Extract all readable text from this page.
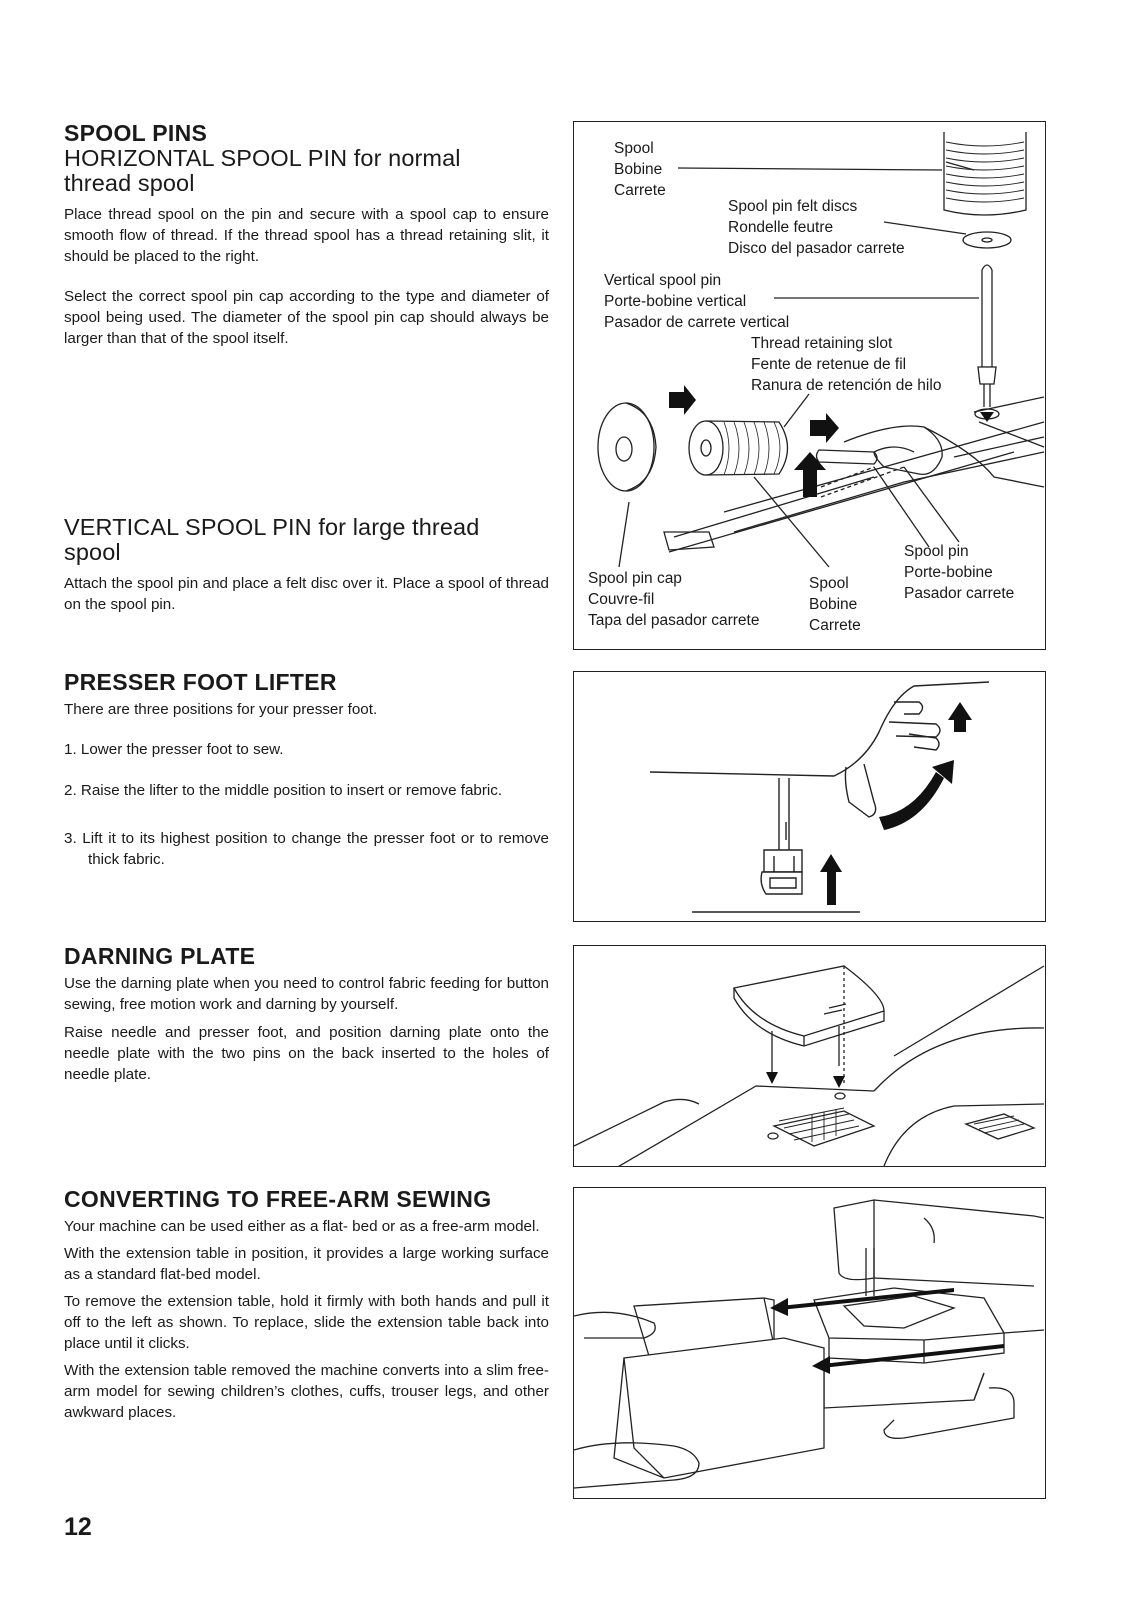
SPOOL PINS
HORIZONTAL SPOOL PIN for normal thread spool

Place thread spool on the pin and secure with a spool cap to ensure smooth flow of thread. If the thread spool has a thread retaining slit, it should be placed to the right.

Select the correct spool pin cap according to the type and diameter of spool being used. The diameter of the spool pin cap should always be larger than that of the spool itself.

VERTICAL SPOOL PIN for large thread spool

Attach the spool pin and place a felt disc over it. Place a spool of thread on the spool pin.

PRESSER FOOT LIFTER

There are three positions for your presser foot.

1. Lower the presser foot to sew.
2. Raise the lifter to the middle position to insert or remove fabric.
3. Lift it to its highest position to change the presser foot or to remove thick fabric.
DARNING PLATE

Use the darning plate when you need to control fabric feeding for button sewing, free motion work and darning by yourself.

Raise needle and presser foot, and position darning plate onto the needle plate with the two pins on the back inserted to the holes of needle plate.

CONVERTING TO FREE-ARM SEWING

Your machine can be used either as a flat- bed or as a free-arm model.

With the extension table in position, it provides a large working surface as a standard flat-bed model.

To remove the extension table, hold it firmly with both hands and pull it off to the left as shown. To replace, slide the extension table back into place until it clicks.

With the extension table removed the machine converts into a slim free-arm model for sewing children’s clothes, cuffs, trouser legs, and other awkward places.

12
Spool
Bobine
Carrete
Spool pin felt discs
Rondelle feutre
Disco del pasador carrete
Vertical spool pin
Porte-bobine vertical
Pasador de carrete vertical
Thread retaining slot
Fente de retenue de fil
Ranura de retención de hilo
Spool pin cap
Couvre-fil
Tapa del pasador carrete
Spool
Bobine
Carrete
Spool pin
Porte-bobine
Pasador carrete
